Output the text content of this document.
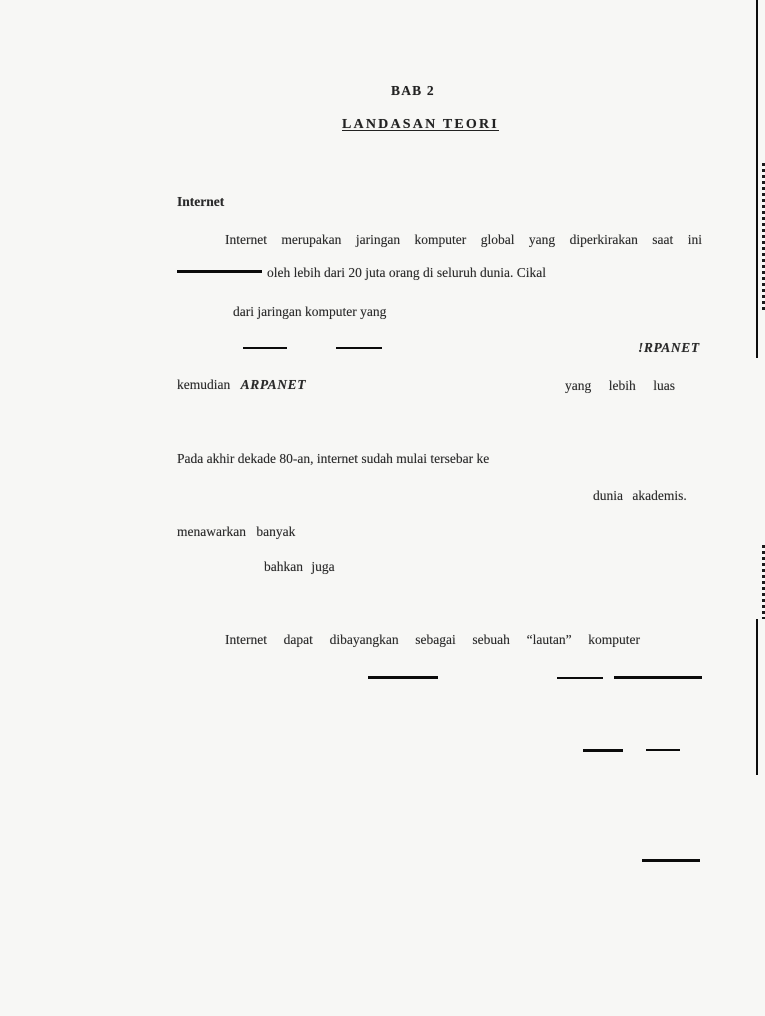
BAB 2
LANDASAN TEORI
Internet
Internet merupakan jaringan komputer global yang diperkirakan saat ini
oleh lebih dari 20 juta orang di seluruh dunia. Cikal
dari jaringan komputer yang
!RPANET
kemudian ARPANET	yang lebih luas
Pada akhir dekade 80-an, internet sudah mulai tersebar ke
dunia akademis.
menawarkan banyak
bahkan juga
Internet dapat dibayangkan sebagai sebuah “lautan” komputer
